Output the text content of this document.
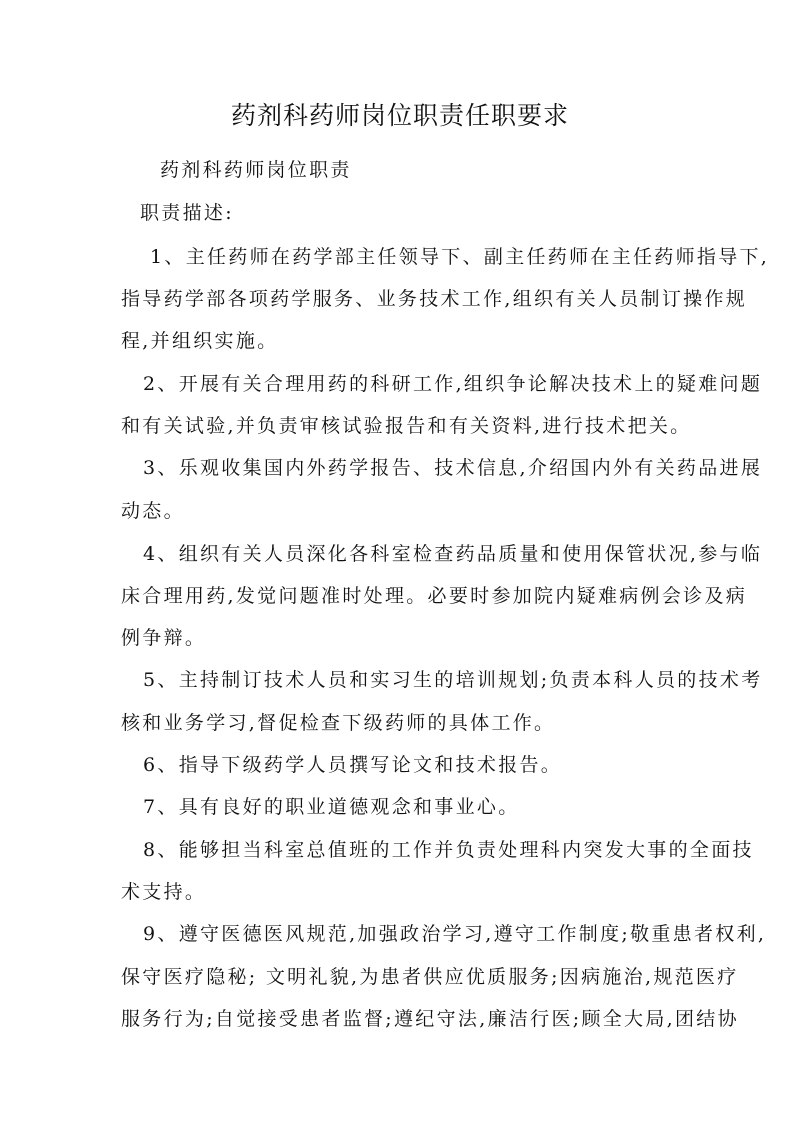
药剂科药师岗位职责任职要求
药剂科药师岗位职责
职责描述:
1、主任药师在药学部主任领导下、副主任药师在主任药师指导下,
指导药学部各项药学服务、业务技术工作,组织有关人员制订操作规
程,并组织实施。
2、开展有关合理用药的科研工作,组织争论解决技术上的疑难问题
和有关试验,并负责审核试验报告和有关资料,进行技术把关。
3、乐观收集国内外药学报告、技术信息,介绍国内外有关药品进展
动态。
4、组织有关人员深化各科室检查药品质量和使用保管状况,参与临
床合理用药,发觉问题准时处理。必要时参加院内疑难病例会诊及病
例争辩。
5、主持制订技术人员和实习生的培训规划;负责本科人员的技术考
核和业务学习,督促检查下级药师的具体工作。
6、指导下级药学人员撰写论文和技术报告。
7、具有良好的职业道德观念和事业心。
8、能够担当科室总值班的工作并负责处理科内突发大事的全面技
术支持。
9、遵守医德医风规范,加强政治学习,遵守工作制度;敬重患者权利,
保守医疗隐秘; 文明礼貌,为患者供应优质服务;因病施治,规范医疗
服务行为;自觉接受患者监督;遵纪守法,廉洁行医;顾全大局,团结协
